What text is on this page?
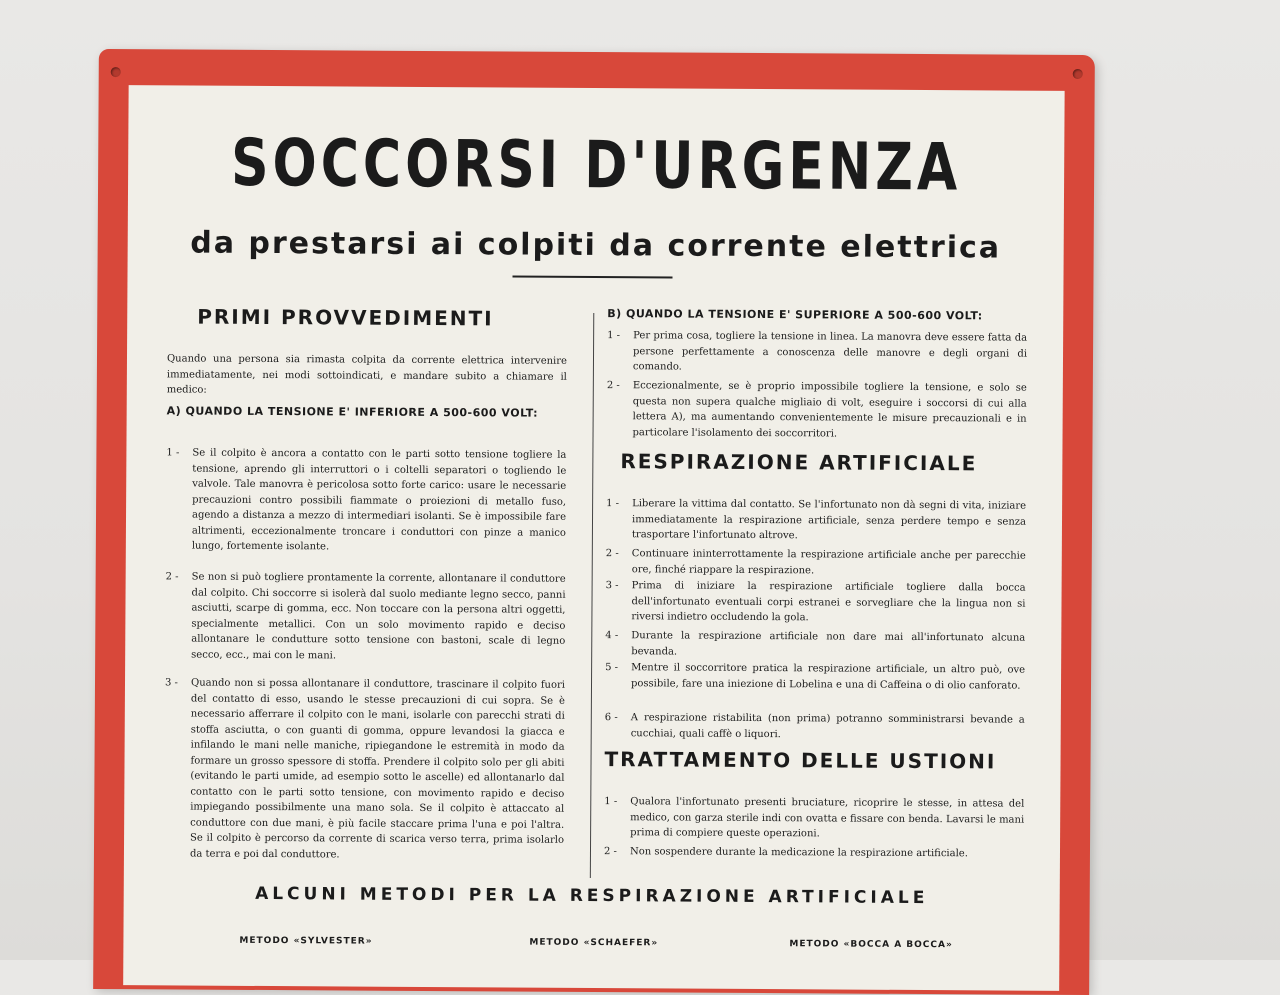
SOCCORSI D'URGENZA
da prestarsi ai colpiti da corrente elettrica
PRIMI PROVVEDIMENTI

Quando una persona sia rimasta colpita da corrente elettrica intervenire immediatamente, nei modi sottoindicati, e mandare subito a chiamare il medico:

A) QUANDO LA TENSIONE E' INFERIORE A 500-600 VOLT:
1 -	Se il colpito è ancora a contatto con le parti sotto tensione togliere la tensione, aprendo gli interruttori o i coltelli separatori o togliendo le valvole. Tale manovra è pericolosa sotto forte carico: usare le necessarie precauzioni contro possibili fiammate o proiezioni di metallo fuso, agendo a distanza a mezzo di intermediari isolanti. Se è impossibile fare altrimenti, eccezionalmente troncare i conduttori con pinze a manico lungo, fortemente isolante.
2 -	Se non si può togliere prontamente la corrente, allontanare il conduttore dal colpito. Chi soccorre si isolerà dal suolo mediante legno secco, panni asciutti, scarpe di gomma, ecc. Non toccare con la persona altri oggetti, specialmente metallici. Con un solo movimento rapido e deciso allontanare le condutture sotto tensione con bastoni, scale di legno secco, ecc., mai con le mani.
3 -	Quando non si possa allontanare il conduttore, trascinare il colpito fuori del contatto di esso, usando le stesse precauzioni di cui sopra. Se è necessario afferrare il colpito con le mani, isolarle con parecchi strati di stoffa asciutta, o con guanti di gomma, oppure levandosi la giacca e infilando le mani nelle maniche, ripiegandone le estremità in modo da formare un grosso spessore di stoffa. Prendere il colpito solo per gli abiti (evitando le parti umide, ad esempio sotto le ascelle) ed allontanarlo dal contatto con le parti sotto tensione, con movimento rapido e deciso impiegando possibilmente una mano sola. Se il colpito è attaccato al conduttore con due mani, è più facile staccare prima l'una e poi l'altra. Se il colpito è percorso da corrente di scarica verso terra, prima isolarlo da terra e poi dal conduttore.
B) QUANDO LA TENSIONE E' SUPERIORE A 500-600 VOLT:
1 -	Per prima cosa, togliere la tensione in linea. La manovra deve essere fatta da persone perfettamente a conoscenza delle manovre e degli organi di comando.
2 -	Eccezionalmente, se è proprio impossibile togliere la tensione, e solo se questa non supera qualche migliaio di volt, eseguire i soccorsi di cui alla lettera A), ma aumentando convenientemente le misure precauzionali e in particolare l'isolamento dei soccorritori.
RESPIRAZIONE ARTIFICIALE
1 -	Liberare la vittima dal contatto. Se l'infortunato non dà segni di vita, iniziare immediatamente la respirazione artificiale, senza perdere tempo e senza trasportare l'infortunato altrove.
2 -	Continuare ininterrottamente la respirazione artificiale anche per parecchie ore, finché riappare la respirazione.
3 -	Prima di iniziare la respirazione artificiale togliere dalla bocca dell'infortunato eventuali corpi estranei e sorvegliare che la lingua non si riversi indietro occludendo la gola.
4 -	Durante la respirazione artificiale non dare mai all'infortunato alcuna bevanda.
5 -	Mentre il soccorritore pratica la respirazione artificiale, un altro può, ove possibile, fare una iniezione di Lobelina e una di Caffeina o di olio canforato.
6 -	A respirazione ristabilita (non prima) potranno somministrarsi bevande a cucchiai, quali caffè o liquori.
TRATTAMENTO DELLE USTIONI
1 -	Qualora l'infortunato presenti bruciature, ricoprire le stesse, in attesa del medico, con garza sterile indi con ovatta e fissare con benda. Lavarsi le mani prima di compiere queste operazioni.
2 -	Non sospendere durante la medicazione la respirazione artificiale.
ALCUNI METODI PER LA RESPIRAZIONE ARTIFICIALE
METODO «SYLVESTER»	METODO «SCHAEFER»	METODO «BOCCA A BOCCA»
